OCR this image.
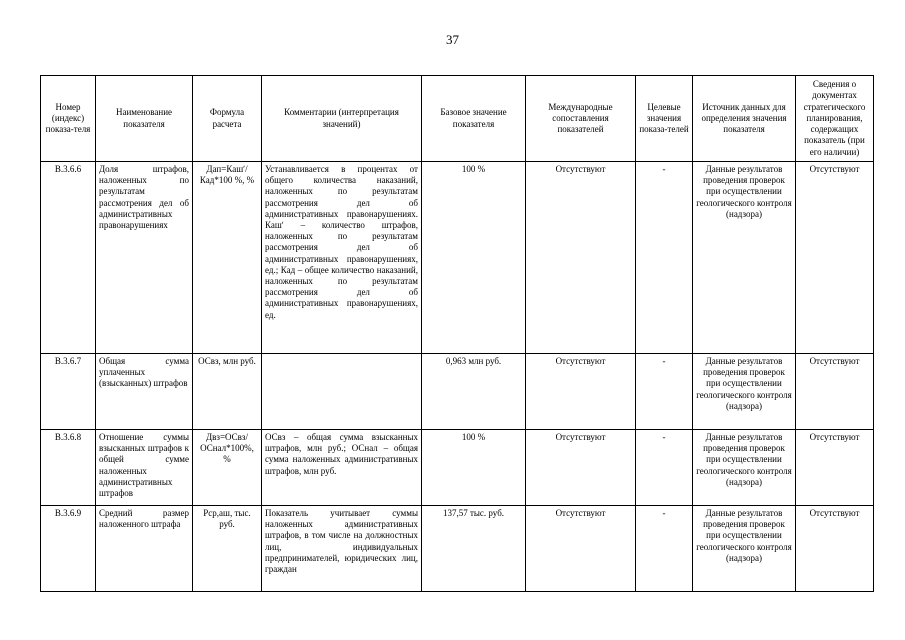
37
Номер (индекс) показа-теля	Наименование показателя	Формула расчета	Комментарии (интерпретация значений)	Базовое значение показателя	Международные сопоставления показателей	Целевые значения показа-телей	Источник данных для определения значения показателя	Сведения о документах стратегического планирования, содержащих показатель (при его наличии)
В.3.6.6	Доля штрафов, наложенных по результатам рассмотрения дел об административных правонарушениях	Дап=Кашʹ/Кад*100 %, %	Устанавливается в процентах от общего количества наказаний, наложенных по результатам рассмотрения дел об административных правонарушениях. Кашʹ – количество штрафов, наложенных по результатам рассмотрения дел об административных правонарушениях, ед.; Кад – общее количество наказаний, наложенных по результатам рассмотрения дел об административных правонарушениях, ед.	100 %	Отсутствуют	-	Данные результатов проведения проверок при осуществлении геологического контроля (надзора)	Отсутствуют
В.3.6.7	Общая сумма уплаченных (взысканных) штрафов	ОСвз, млн руб.		0,963 млн руб.	Отсутствуют	-	Данные результатов проведения проверок при осуществлении геологического контроля (надзора)	Отсутствуют
В.3.6.8	Отношение суммы взысканных штрафов к общей сумме наложенных административных штрафов	Двз=ОСвз/ОСнал*100%, %	ОСвз – общая сумма взысканных штрафов, млн руб.; ОСнал – общая сумма наложенных административных штрафов, млн руб.	100 %	Отсутствуют	-	Данные результатов проведения проверок при осуществлении геологического контроля (надзора)	Отсутствуют
В.3.6.9	Средний размер наложенного штрафа	Рср,аш, тыс. руб.	Показатель учитывает суммы наложенных административных штрафов, в том числе на должностных лиц, индивидуальных предпринимателей, юридических лиц, граждан	137,57 тыс. руб.	Отсутствуют	-	Данные результатов проведения проверок при осуществлении геологического контроля (надзора)	Отсутствуют
